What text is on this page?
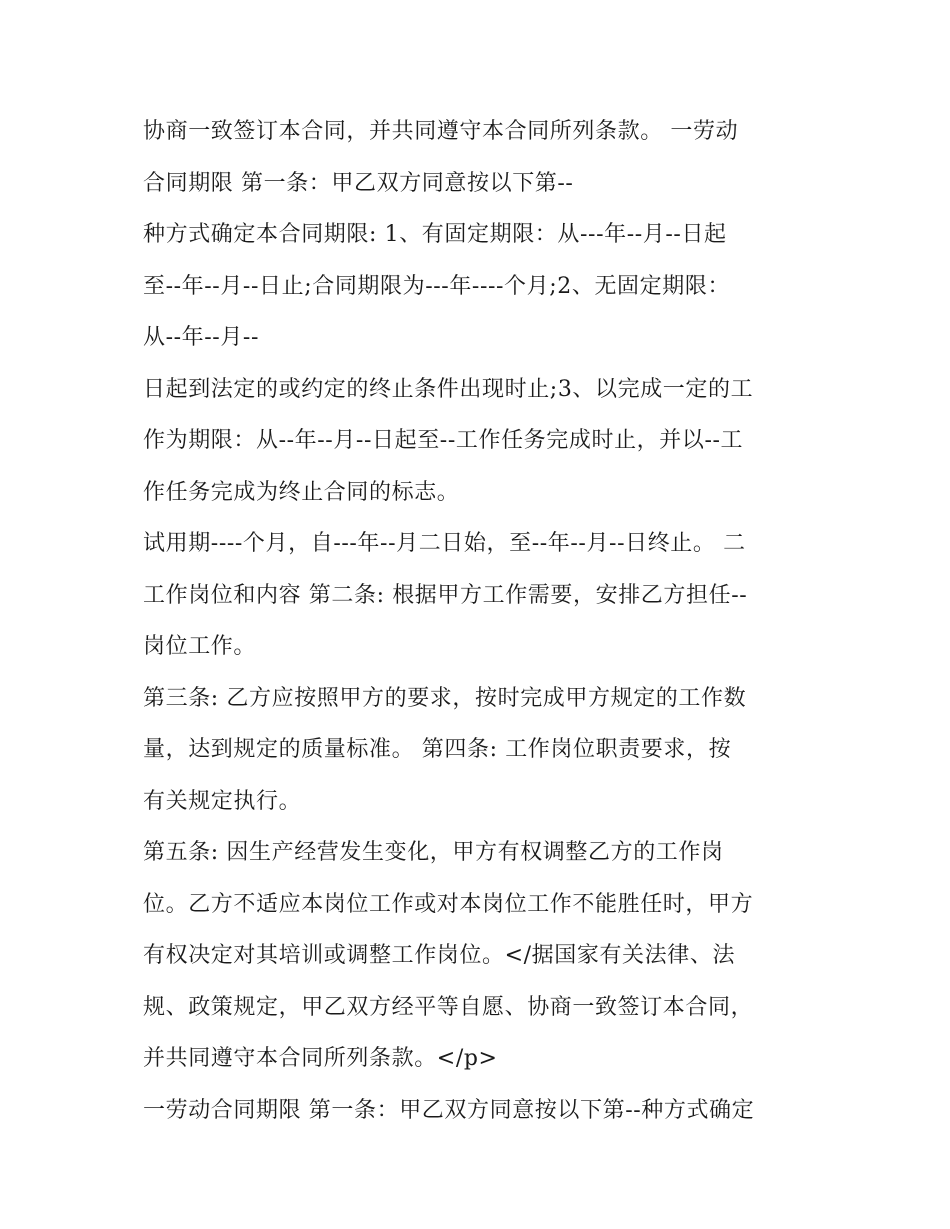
协商一致签订本合同，并共同遵守本合同所列条款。 一劳动
合同期限 第一条：甲乙双方同意按以下第--
种方式确定本合同期限: 1、有固定期限：从---年--月--日起
至--年--月--日止;合同期限为---年----个月;2、无固定期限：
从--年--月--
日起到法定的或约定的终止条件出现时止;3、以完成一定的工
作为期限：从--年--月--日起至--工作任务完成时止，并以--工
作任务完成为终止合同的标志。
试用期----个月，自---年--月二日始，至--年--月--日终止。 二
工作岗位和内容 第二条: 根据甲方工作需要，安排乙方担任--
岗位工作。
第三条: 乙方应按照甲方的要求，按时完成甲方规定的工作数
量，达到规定的质量标准。 第四条: 工作岗位职责要求，按
有关规定执行。
第五条: 因生产经营发生变化，甲方有权调整乙方的工作岗
位。乙方不适应本岗位工作或对本岗位工作不能胜任时，甲方
有权决定对其培训或调整工作岗位。</据国家有关法律、法
规、政策规定，甲乙双方经平等自愿、协商一致签订本合同，
并共同遵守本合同所列条款。</p>
一劳动合同期限 第一条：甲乙双方同意按以下第--种方式确定
